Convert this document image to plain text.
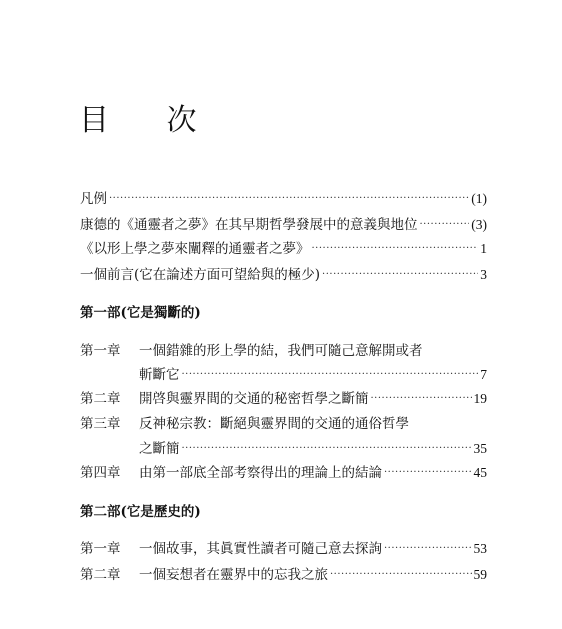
目 次
凡例 ·····	(1)
康德的《通靈者之夢》在其早期哲學發展中的意義與地位 ·····	(3)
《以形上學之夢來闡釋的通靈者之夢》 ·····	1
一個前言(它在論述方面可望給與的極少) ·····	3
第一部(它是獨斷的)
第一章 一個錯雜的形上學的結，我們可隨己意解開或者
斬斷它 ·····	7
第二章 開啓與靈界間的交通的秘密哲學之斷簡 ·····	19
第三章 反神秘宗教：斷絕與靈界間的交通的通俗哲學
之斷簡 ·····	35
第四章 由第一部底全部考察得出的理論上的結論 ·····	45
第二部(它是歷史的)
第一章 一個故事，其眞實性讀者可隨己意去探詢 ·····	53
第二章 一個妄想者在靈界中的忘我之旅 ·····	59
